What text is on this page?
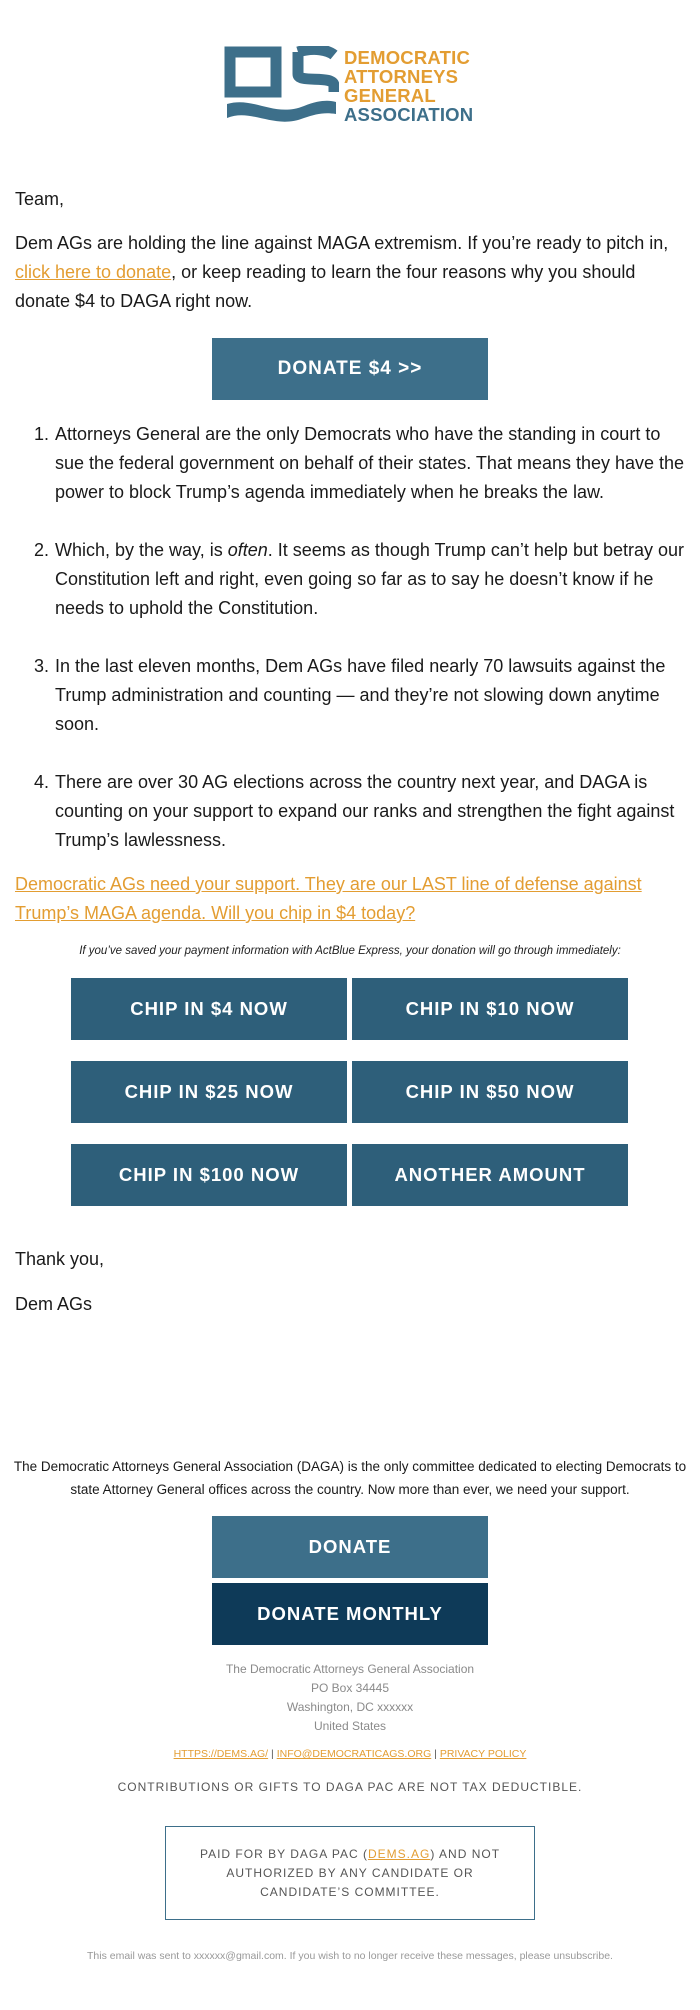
DEMOCRATIC
ATTORNEYS
GENERAL
ASSOCIATION

Team,

Dem AGs are holding the line against MAGA extremism. If you’re ready to pitch in, click here to donate, or keep reading to learn the four reasons why you should donate $4 to DAGA right now.

DONATE $4 >>
1. Attorneys General are the only Democrats who have the standing in court to sue the federal government on behalf of their states. That means they have the power to block Trump’s agenda immediately when he breaks the law.
2. Which, by the way, is often. It seems as though Trump can’t help but betray our Constitution left and right, even going so far as to say he doesn’t know if he needs to uphold the Constitution.
3. In the last eleven months, Dem AGs have filed nearly 70 lawsuits against the Trump administration and counting — and they’re not slowing down anytime soon.
4. There are over 30 AG elections across the country next year, and DAGA is counting on your support to expand our ranks and strengthen the fight against Trump’s lawlessness.
Democratic AGs need your support. They are our LAST line of defense against Trump’s MAGA agenda. Will you chip in $4 today?

If you’ve saved your payment information with ActBlue Express, your donation will go through immediately:

CHIP IN $4 NOW	CHIP IN $10 NOW
CHIP IN $25 NOW	CHIP IN $50 NOW
CHIP IN $100 NOW	ANOTHER AMOUNT

Thank you,

Dem AGs

The Democratic Attorneys General Association (DAGA) is the only committee dedicated to electing Democrats to state Attorney General offices across the country. Now more than ever, we need your support.

DONATE
DONATE MONTHLY
The Democratic Attorneys General Association
PO Box 34445
Washington, DC xxxxxx
United States
HTTPS://DEMS.AG/ | INFO@DEMOCRATICAGS.ORG | PRIVACY POLICY

CONTRIBUTIONS OR GIFTS TO DAGA PAC ARE NOT TAX DEDUCTIBLE.

PAID FOR BY DAGA PAC (DEMS.AG) AND NOT AUTHORIZED BY ANY CANDIDATE OR CANDIDATE’S COMMITTEE.

This email was sent to xxxxxx@gmail.com. If you wish to no longer receive these messages, please unsubscribe.
